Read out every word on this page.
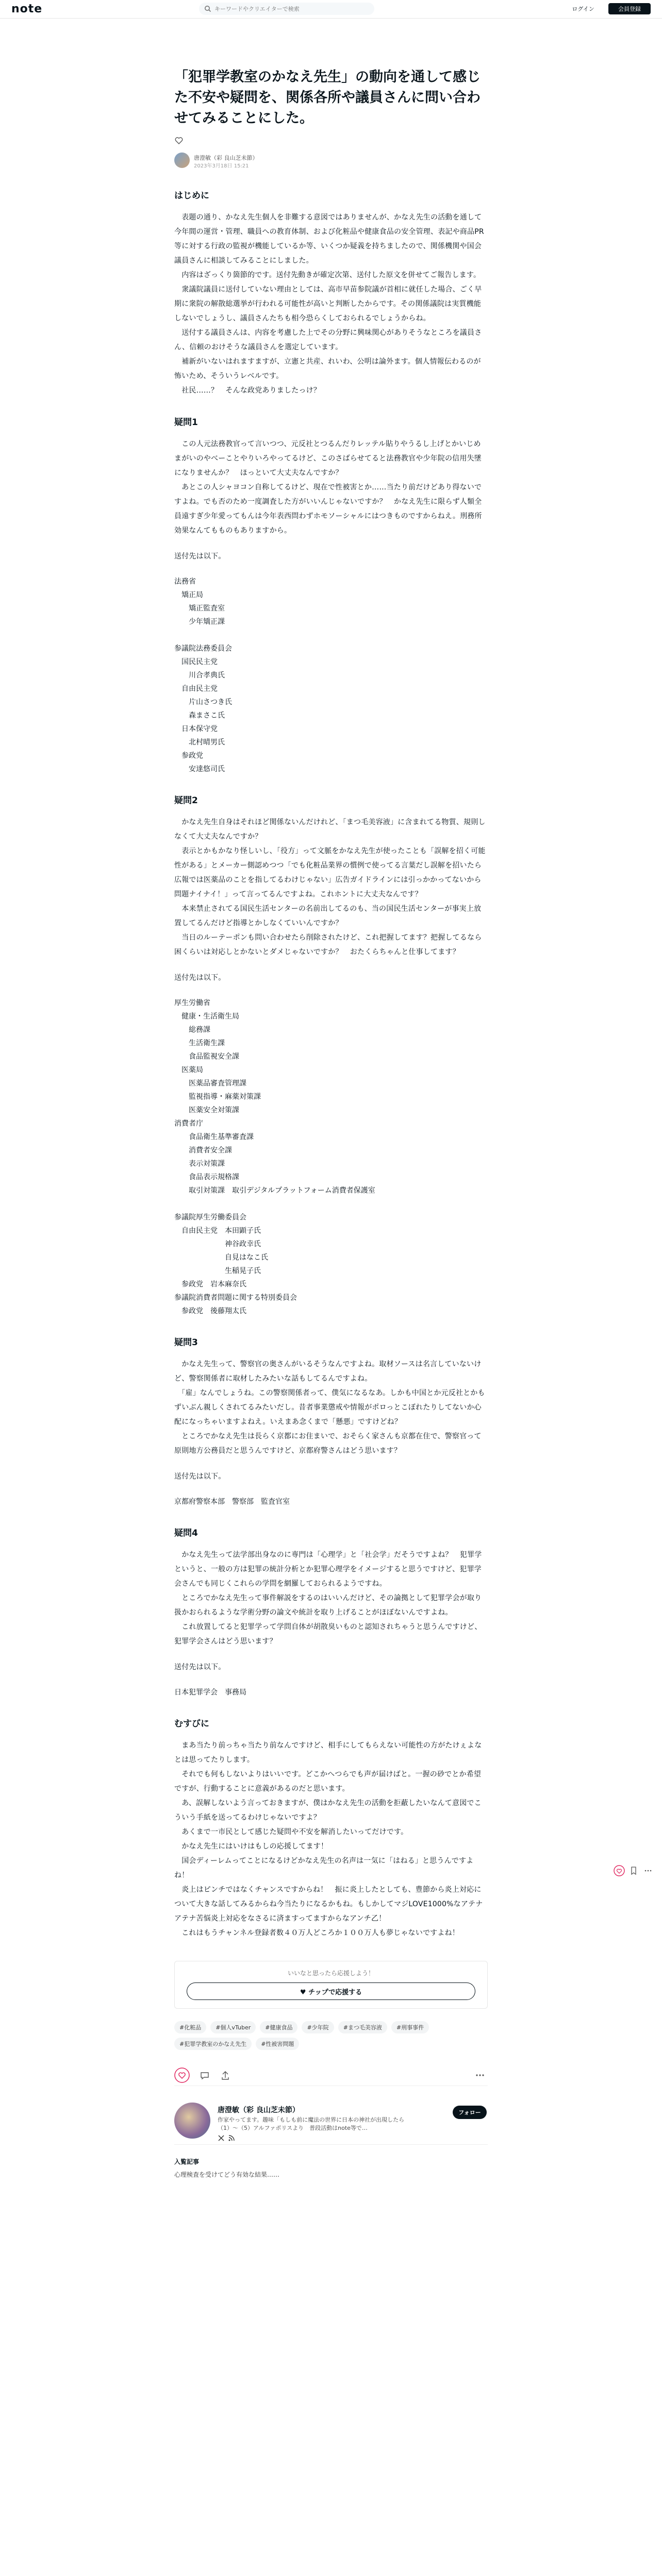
note
キーワードやクリエイターで検索	ログイン	会員登録
「犯罪学教室のかなえ先生」の動向を通して感じた不安や疑問を、関係各所や議員さんに問い合わせてみることにした。
唐澄敏（彩 良山芝未節）
2023年3月18日 15:21
はじめに

　表題の通り、かなえ先生個人を非難する意図ではありませんが、かなえ先生の活動を通して今年間の運営・管理、職員への教育体制、および化粧品や健康食品の安全管理、表記や商品PR等に対する行政の監視が機能しているか等、いくつか疑義を持ちましたので、関係機関や国会議員さんに相談してみることにしました。

　内容はざっくり箇節的です。送付先動きが確定次第、送付した原文を併せてご報告します。

　衆議院議員に送付していない理由としては、高市早苗参院議が首相に就任した場合、ごく早期に衆院の解散総選挙が行われる可能性が高いと判断したからです。その関係議院は実質機能しないでしょうし、議員さんたちも相今恐らくしておられるでしょうからね。

　送付する議員さんは、内容を考慮した上でその分野に興味関心がありそうなところを議員さん、信頼のおけそうな議員さんを選定しています。

　補新がいないはれますますが、立憲と共産、れいわ、公明は論外ます。個人情報伝わるのが怖いため、そういうレベルです。

　社民……？　そんな政党ありましたっけ？

疑問1

　この人元法務教官って言いつつ、元反社とつるんだりレッテル貼りやうるし上げとかいじめまがいのやべーことやりいろやってるけど、このさばらせてると法務教官や少年院の信用失墜になりませんか？　ほっといて大丈夫なんですか？

　あとこの人シャヨコン自称してるけど、現在で性被害とか……当たり前だけどあり得ないですよね。でも否のため一度調査した方がいいんじゃないですか？　かなえ先生に限らず人類全員遠すぎ少年愛ってもんは今年表西問わずホモソーシャルにはつきものですからねえ。刑務所効果なんてもものもありますから。

送付先は以下。

法務省
　矯正局
　　矯正監査室
　　少年矯正課
参議院法務委員会
　国民民主党
　　川合孝典氏
　自由民主党
　　片山さつき氏
　　森まさこ氏
　日本保守党
　　北村晴男氏
　参政党
　　安達悠司氏
疑問2

　かなえ先生自身はそれほど関係ないんだけれど、「まつ毛美容液」に含まれてる物質、規則しなくて大丈夫なんですか？

　表示とかもかなり怪しいし、「役方」って文脈をかなえ先生が使ったことも「誤解を招く可能性がある」とメーカー側認めつつ「でも化粧品業界の慣例で使ってる言葉だし誤解を招いたら広報では医薬品のことを指してるわけじゃない」広告ガイドラインには引っかかってないから問題ナイナイ！」って言ってるんですよね。これホントに大丈夫なんです？

　本来禁止されてる国民生活センターの名前出してるのも、当の国民生活センターが事実上放置してるんだけど指導とかしなくていいんですか？

　当日のルーテーポンも問い合わせたら削除されたけど、これ把握してます？把握してるなら困くらいは対応しとかないとダメじゃないですか？　おたくらちゃんと仕事してます？

送付先は以下。

厚生労働省
　健康・生活衛生局
　　総務課
　　生活衛生課
　　食品監視安全課
　医薬局
　　医薬品審査管理課
　　監視指導・麻薬対策課
　　医薬安全対策課
消費者庁
　　食品衛生基準審査課
　　消費者安全課
　　表示対策課
　　食品表示規格課
　　取引対策課　取引デジタルプラットフォーム消費者保護室
参議院厚生労働委員会
　自由民主党　本田顕子氏
　　　　　　　神谷政幸氏
　　　　　　　自見はなこ氏
　　　　　　　生稲晃子氏
　参政党　岩本麻奈氏
参議院消費者問題に関する特別委員会
　参政党　後藤翔太氏
疑問3

　かなえ先生って、警察官の奥さんがいるそうなんですよね。取材ソースは名言していないけど、警察関係者に取材したみたいな話もしてるんですよね。

　「雇」なんでしょうね。この警察関係者って、僕気になるなあ。しかも中国とか元反社とかもずいぶん親しくされてるみたいだし。昔者事業懲戒や情報がポロっとこぼれたりしてないか心配になっちゃいますよねえ。いえまあ念くまで「懸悪」ですけどね？

　ところでかなえ先生は長らく京都にお住まいで、おそらく家さんも京都在住で、警察官って原則地方公務員だと思うんですけど、京都府警さんはどう思います？

送付先は以下。

京都府警察本部　警察部　監査官室
疑問4

　かなえ先生って法学部出身なのに専門は「心理学」と「社会学」だそうですよね？　犯罪学というと、一般の方は犯罪の統計分析とか犯罪心理学をイメージすると思うですけど、犯罪学会さんでも同じくこれらの学問を網羅しておられるようですね。

　ところでかなえ先生って事件解説をするのはいいんだけど、その論拠として犯罪学会が取り扱かおられるような学術分野の論文や統計を取り上げることがほぼないんですよね。

　これ放置してると犯罪学って学問自体が胡散臭いものと認知されちゃうと思うんですけど、犯罪学会さんはどう思います？

送付先は以下。

日本犯罪学会　事務局
むすびに

　まあ当たり前っちゃ当たり前なんですけど、相手にしてもらえない可能性の方がたけぇよなとは思ってたりします。

　それでも何もしないよりはいいです。どこかへつらでも声が届けばと。一握の砂でとか希望ですが、行動することに意義があるのだと思います。

　あ、誤解しないよう言っておきますが、僕はかなえ先生の活動を拒蔽したいなんて意図でこういう手紙を送ってるわけじゃないですよ？

　あくまで一市民として感じた疑問や不安を解消したいってだけです。

　かなえ先生にはいけはもしの応援してます！

　国会ディーレムってことになるけどかなえ先生の名声は一気に「はねる」と思うんですよね！

　炎上はピンチではなくチャンスですからね！　振に炎上したとしても、豊節から炎上対応について大きな話してみるからね今当たりになるかもね。もしかしてマジLOVE1000%なアテナアテナ苦悩炎上対応をなさるに済ますってますからなアンチ乙！

　これはもうチャンネル登録者数４０万人どころか１００万人も夢じゃないですよね！

いいなと思ったら応援しよう！
♥ チップで応援する
#化粧品	#個人vTuber	#健康食品	#少年院	#まつ毛美容液	#刑事事件
#犯罪学教室のかなえ先生	#性被害問題
唐澄敏（彩 良山芝未節）
作家やってます。趣味「もしも前に魔法の世界に日本の神社が出現したら（1）〜（5）アルファポリスより　普段活動はnote等で…
フォロー
入覧記事
心理検査を受けてどう有効な結果……
